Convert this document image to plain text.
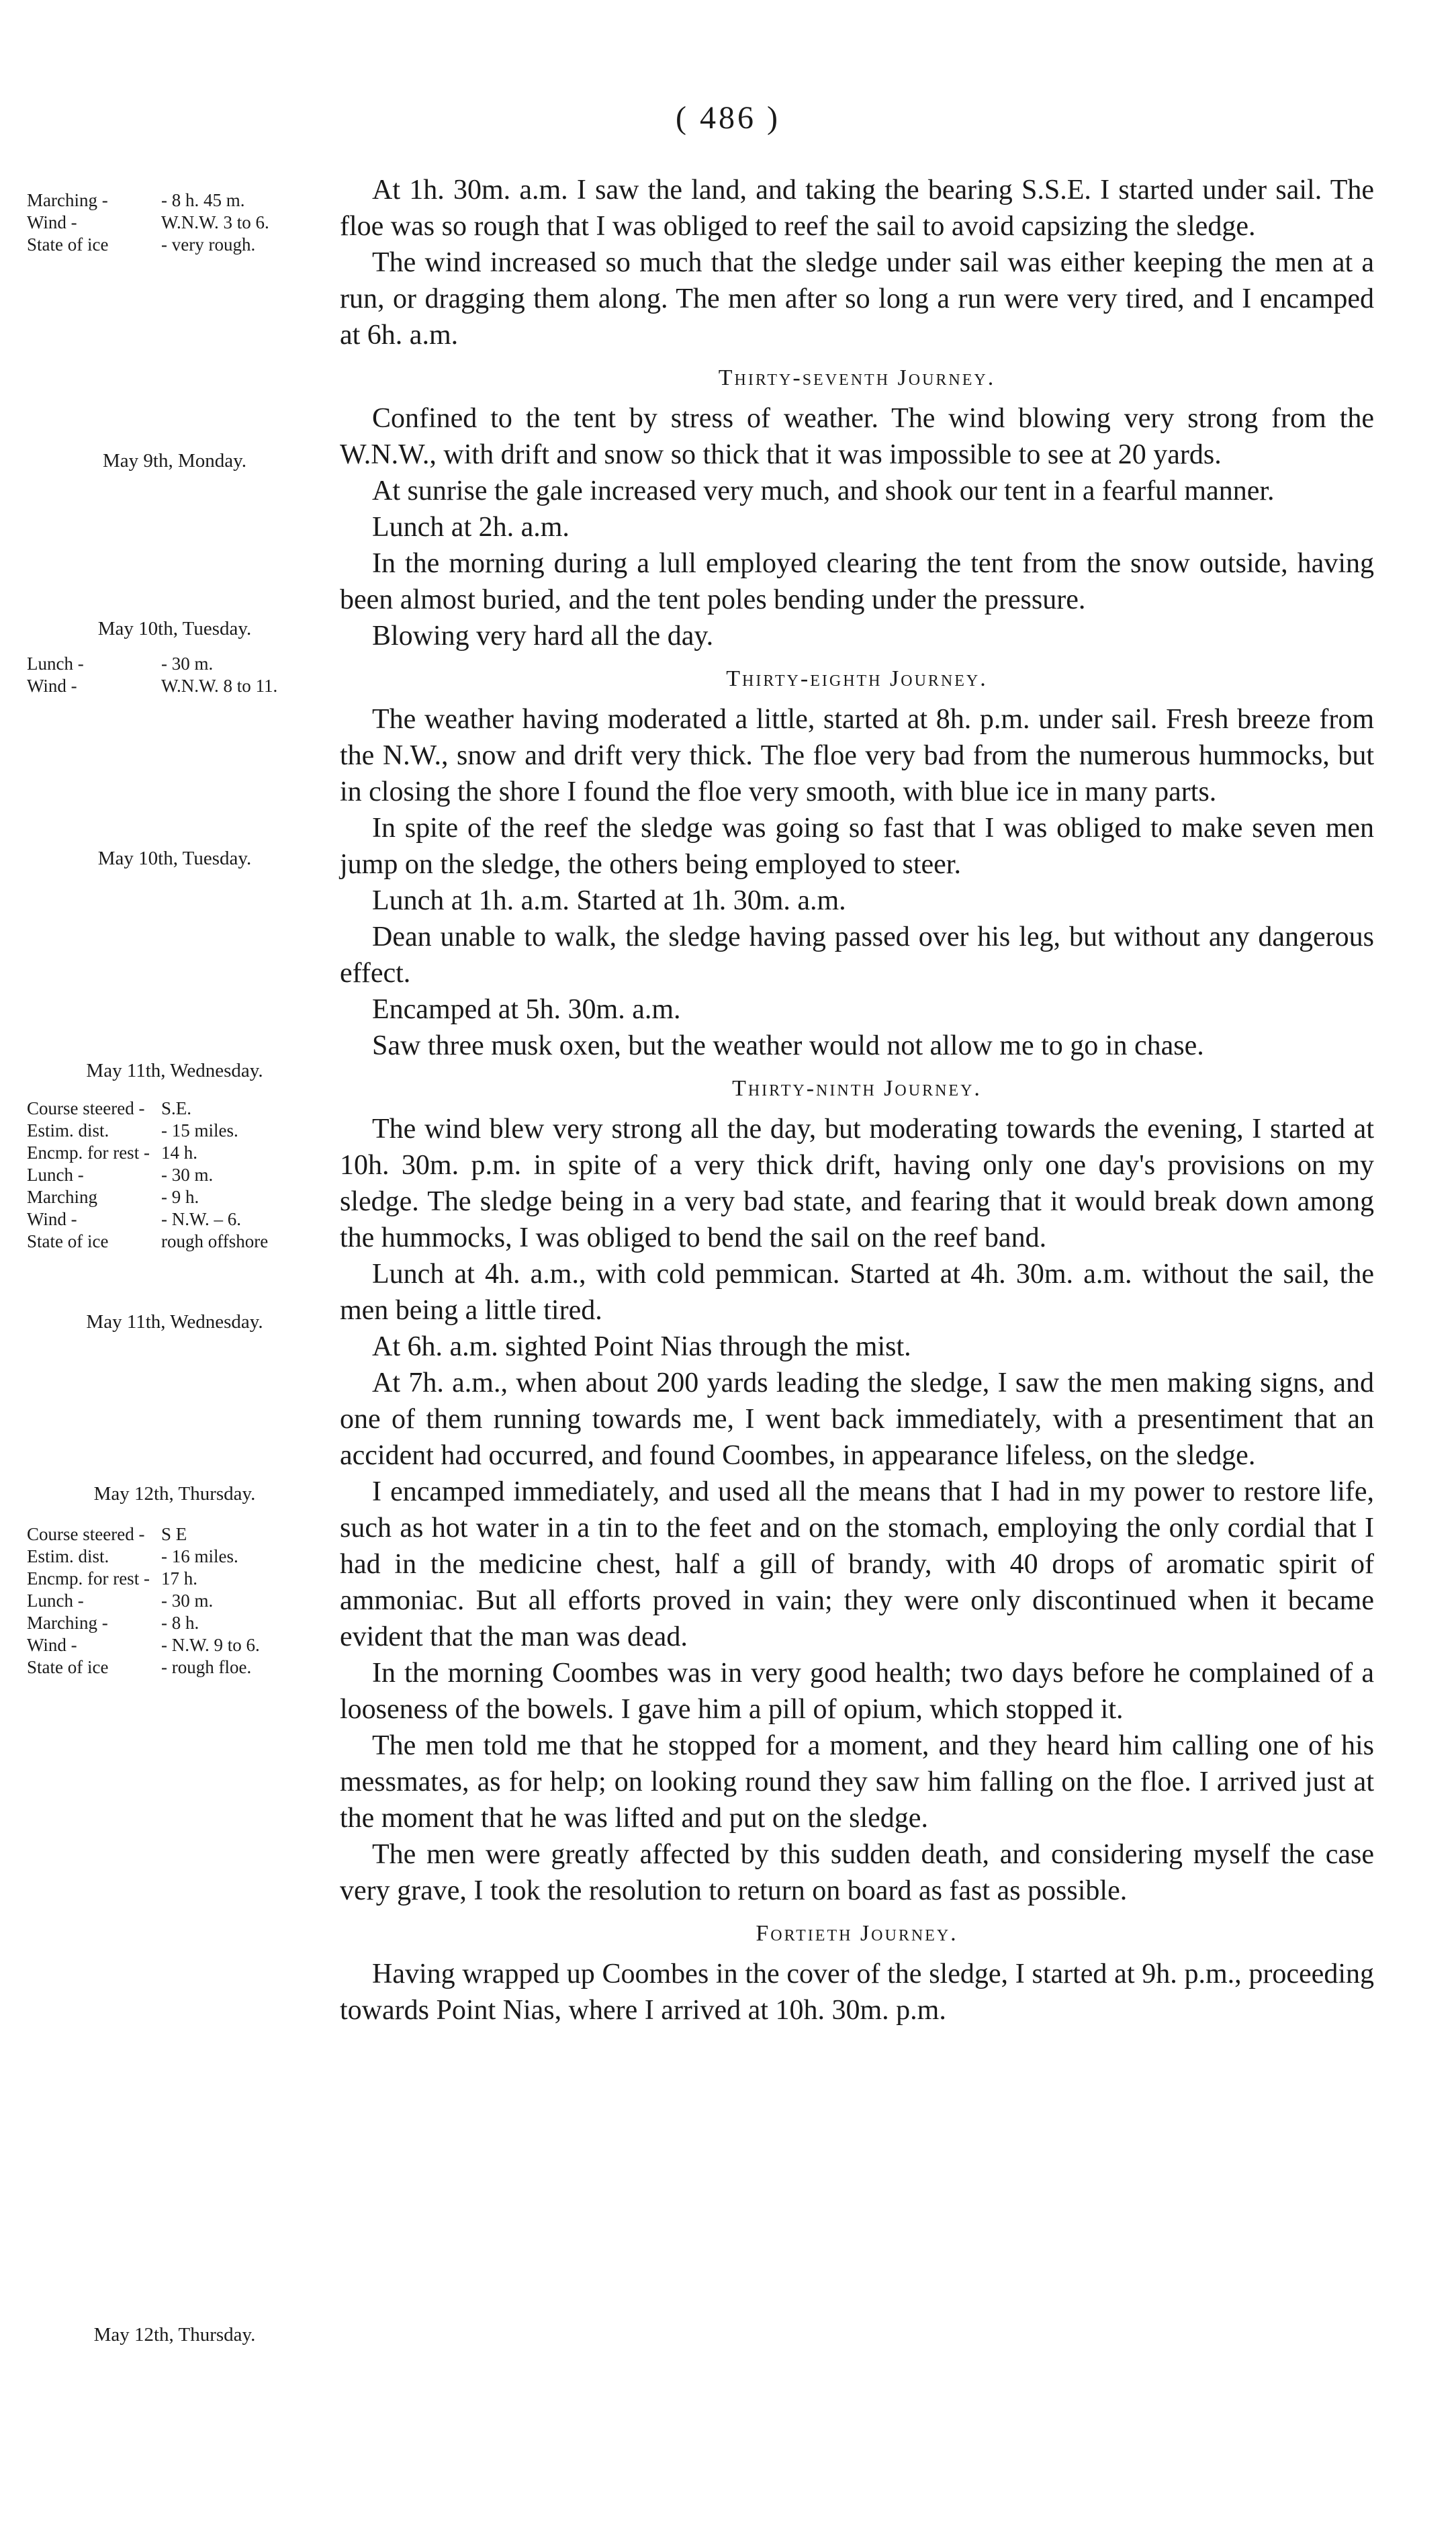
( 486 )
Marching -	- 8 h. 45 m.
Wind -	W.N.W. 3 to 6.
State of ice	- very rough.
May 9th, Monday.
May 10th, Tuesday.
Lunch -	- 30 m.
Wind -	W.N.W. 8 to 11.
May 10th, Tuesday.
May 11th, Wednesday.
Course steered - S.E.
Estim. dist.	- 15 miles.
Encmp. for rest - 14 h.
Lunch -	- 30 m.
Marching	- 9 h.
Wind -	- N.W. – 6.
State of ice	rough offshore
May 11th, Wednesday.
May 12th, Thursday.
Course steered - S E
Estim. dist.	- 16 miles.
Encmp. for rest - 17 h.
Lunch -	- 30 m.
Marching -	- 8 h.
Wind -	- N.W. 9 to 6.
State of ice	- rough floe.
May 12th, Thursday.

At 1h. 30m. a.m. I saw the land, and taking the bearing S.S.E. I started under sail. The floe was so rough that I was obliged to reef the sail to avoid capsizing the sledge.

The wind increased so much that the sledge under sail was either keeping the men at a run, or dragging them along. The men after so long a run were very tired, and I encamped at 6h. a.m.

Thirty-seventh Journey.

Confined to the tent by stress of weather. The wind blowing very strong from the W.N.W., with drift and snow so thick that it was impossible to see at 20 yards.

At sunrise the gale increased very much, and shook our tent in a fearful manner.

Lunch at 2h. a.m.

In the morning during a lull employed clearing the tent from the snow outside, having been almost buried, and the tent poles bending under the pressure.

Blowing very hard all the day.

Thirty-eighth Journey.

The weather having moderated a little, started at 8h. p.m. under sail. Fresh breeze from the N.W., snow and drift very thick. The floe very bad from the numerous hummocks, but in closing the shore I found the floe very smooth, with blue ice in many parts.

In spite of the reef the sledge was going so fast that I was obliged to make seven men jump on the sledge, the others being employed to steer.

Lunch at 1h. a.m. Started at 1h. 30m. a.m.

Dean unable to walk, the sledge having passed over his leg, but without any dangerous effect.

Encamped at 5h. 30m. a.m.

Saw three musk oxen, but the weather would not allow me to go in chase.

Thirty-ninth Journey.

The wind blew very strong all the day, but moderating towards the evening, I started at 10h. 30m. p.m. in spite of a very thick drift, having only one day's provisions on my sledge. The sledge being in a very bad state, and fearing that it would break down among the hummocks, I was obliged to bend the sail on the reef band.

Lunch at 4h. a.m., with cold pemmican. Started at 4h. 30m. a.m. without the sail, the men being a little tired.

At 6h. a.m. sighted Point Nias through the mist.

At 7h. a.m., when about 200 yards leading the sledge, I saw the men making signs, and one of them running towards me, I went back immediately, with a presentiment that an accident had occurred, and found Coombes, in appearance lifeless, on the sledge.

I encamped immediately, and used all the means that I had in my power to restore life, such as hot water in a tin to the feet and on the stomach, employing the only cordial that I had in the medicine chest, half a gill of brandy, with 40 drops of aromatic spirit of ammoniac. But all efforts proved in vain; they were only discontinued when it became evident that the man was dead.

In the morning Coombes was in very good health; two days before he complained of a looseness of the bowels. I gave him a pill of opium, which stopped it.

The men told me that he stopped for a moment, and they heard him calling one of his messmates, as for help; on looking round they saw him falling on the floe. I arrived just at the moment that he was lifted and put on the sledge.

The men were greatly affected by this sudden death, and considering myself the case very grave, I took the resolution to return on board as fast as possible.

Fortieth Journey.

Having wrapped up Coombes in the cover of the sledge, I started at 9h. p.m., proceeding towards Point Nias, where I arrived at 10h. 30m. p.m.
